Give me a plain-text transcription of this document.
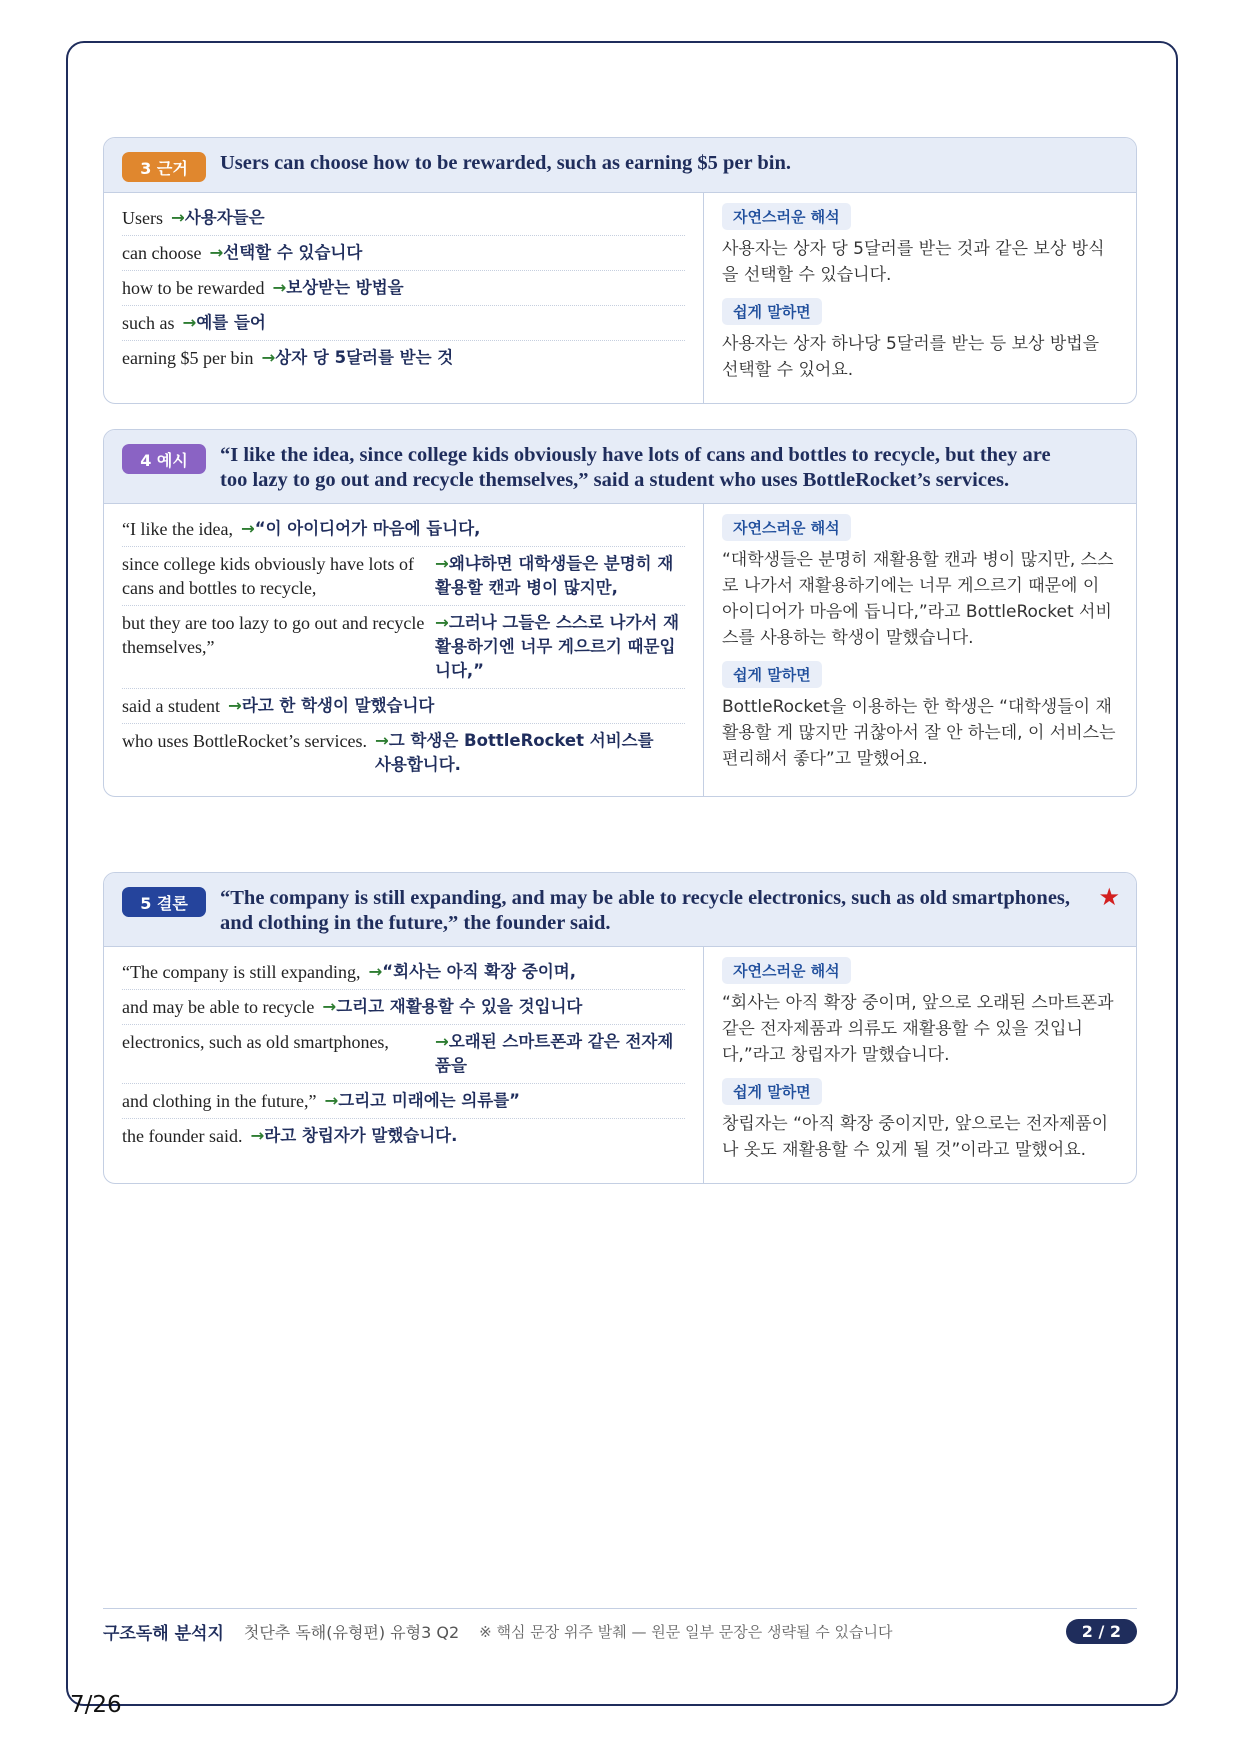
3 근거	Users can choose how to be rewarded, such as earning $5 per bin.
Users →사용자들은
can choose →선택할 수 있습니다
how to be rewarded →보상받는 방법을
such as →예를 들어
earning $5 per bin →상자 당 5달러를 받는 것
자연스러운 해석
사용자는 상자 당 5달러를 받는 것과 같은 보상 방식을 선택할 수 있습니다.
쉽게 말하면
사용자는 상자 하나당 5달러를 받는 등 보상 방법을 선택할 수 있어요.
4 예시	“I like the idea, since college kids obviously have lots of cans and bottles to recycle, but they are too lazy to go out and recycle themselves,” said a student who uses BottleRocket’s services.
“I like the idea, →“이 아이디어가 마음에 듭니다,
since college kids obviously have lots of cans and bottles to recycle,
→왜냐하면 대학생들은 분명히 재활용할 캔과 병이 많지만,
but they are too lazy to go out and recycle themselves,”
→그러나 그들은 스스로 나가서 재활용하기엔 너무 게으르기 때문입니다,”
said a student →라고 한 학생이 말했습니다
who uses BottleRocket’s services. →그 학생은 BottleRocket 서비스를 사용합니다.
자연스러운 해석
“대학생들은 분명히 재활용할 캔과 병이 많지만, 스스로 나가서 재활용하기에는 너무 게으르기 때문에 이 아이디어가 마음에 듭니다,”라고 BottleRocket 서비스를 사용하는 학생이 말했습니다.
쉽게 말하면
BottleRocket을 이용하는 한 학생은 “대학생들이 재활용할 게 많지만 귀찮아서 잘 안 하는데, 이 서비스는 편리해서 좋다”고 말했어요.
5 결론	“The company is still expanding, and may be able to recycle electronics, such as old smartphones, and clothing in the future,” the founder said.
★
“The company is still expanding, →“회사는 아직 확장 중이며,
and may be able to recycle →그리고 재활용할 수 있을 것입니다
electronics, such as old smartphones,	→오래된 스마트폰과 같은 전자제품을
and clothing in the future,” →그리고 미래에는 의류를”
the founder said. →라고 창립자가 말했습니다.
자연스러운 해석
“회사는 아직 확장 중이며, 앞으로 오래된 스마트폰과 같은 전자제품과 의류도 재활용할 수 있을 것입니다,”라고 창립자가 말했습니다.
쉽게 말하면
창립자는 “아직 확장 중이지만, 앞으로는 전자제품이나 옷도 재활용할 수 있게 될 것”이라고 말했어요.
구조독해 분석지 첫단추 독해(유형편) 유형3 Q2 ※ 핵심 문장 위주 발췌 — 원문 일부 문장은 생략될 수 있습니다	2 / 2
7/26
